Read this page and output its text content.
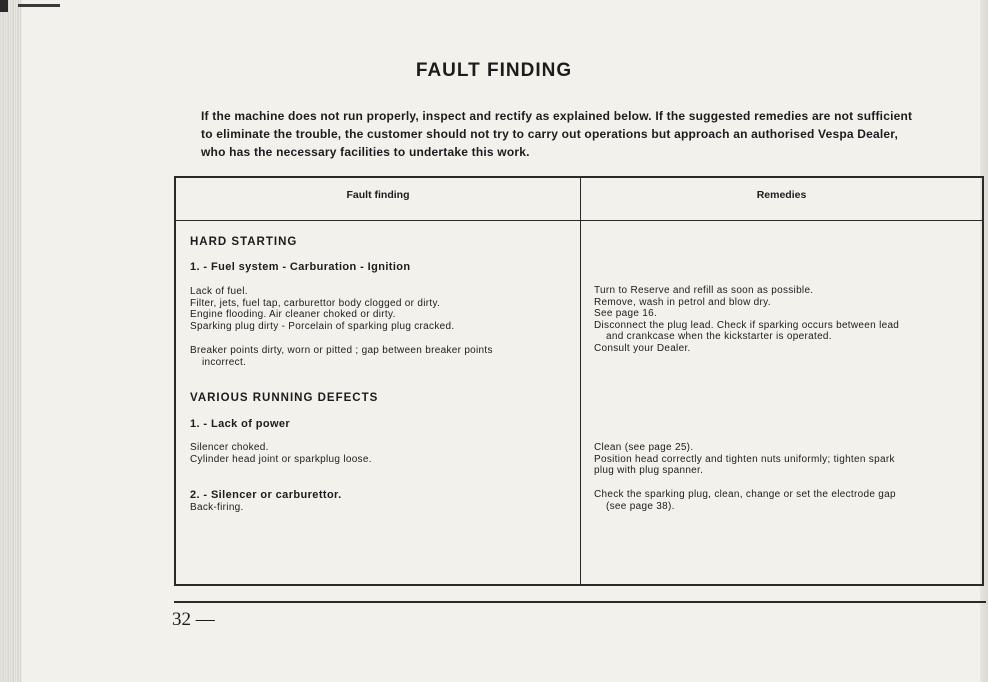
FAULT FINDING
If the machine does not run properly, inspect and rectify as explained below. If the suggested remedies are not sufficient
to eliminate the trouble, the customer should not try to carry out operations but approach an authorised Vespa Dealer,
who has the necessary facilities to undertake this work.
Fault finding	Remedies
HARD STARTING
1. - Fuel system - Carburation - Ignition
Lack of fuel.
Filter, jets, fuel tap, carburettor body clogged or dirty.
Engine flooding. Air cleaner choked or dirty.
Sparking plug dirty - Porcelain of sparking plug cracked.
Breaker points dirty, worn or pitted ; gap between breaker points
incorrect.
Turn to Reserve and refill as soon as possible.
Remove, wash in petrol and blow dry.
See page 16.
Disconnect the plug lead. Check if sparking occurs between lead
and crankcase when the kickstarter is operated.
Consult your Dealer.
VARIOUS RUNNING DEFECTS
1. - Lack of power
Silencer choked.
Cylinder head joint or sparkplug loose.
Clean (see page 25).
Position head correctly and tighten nuts uniformly; tighten spark
plug with plug spanner.
2. - Silencer or carburettor.
Back-firing.
Check the sparking plug, clean, change or set the electrode gap
(see page 38).
32 —
